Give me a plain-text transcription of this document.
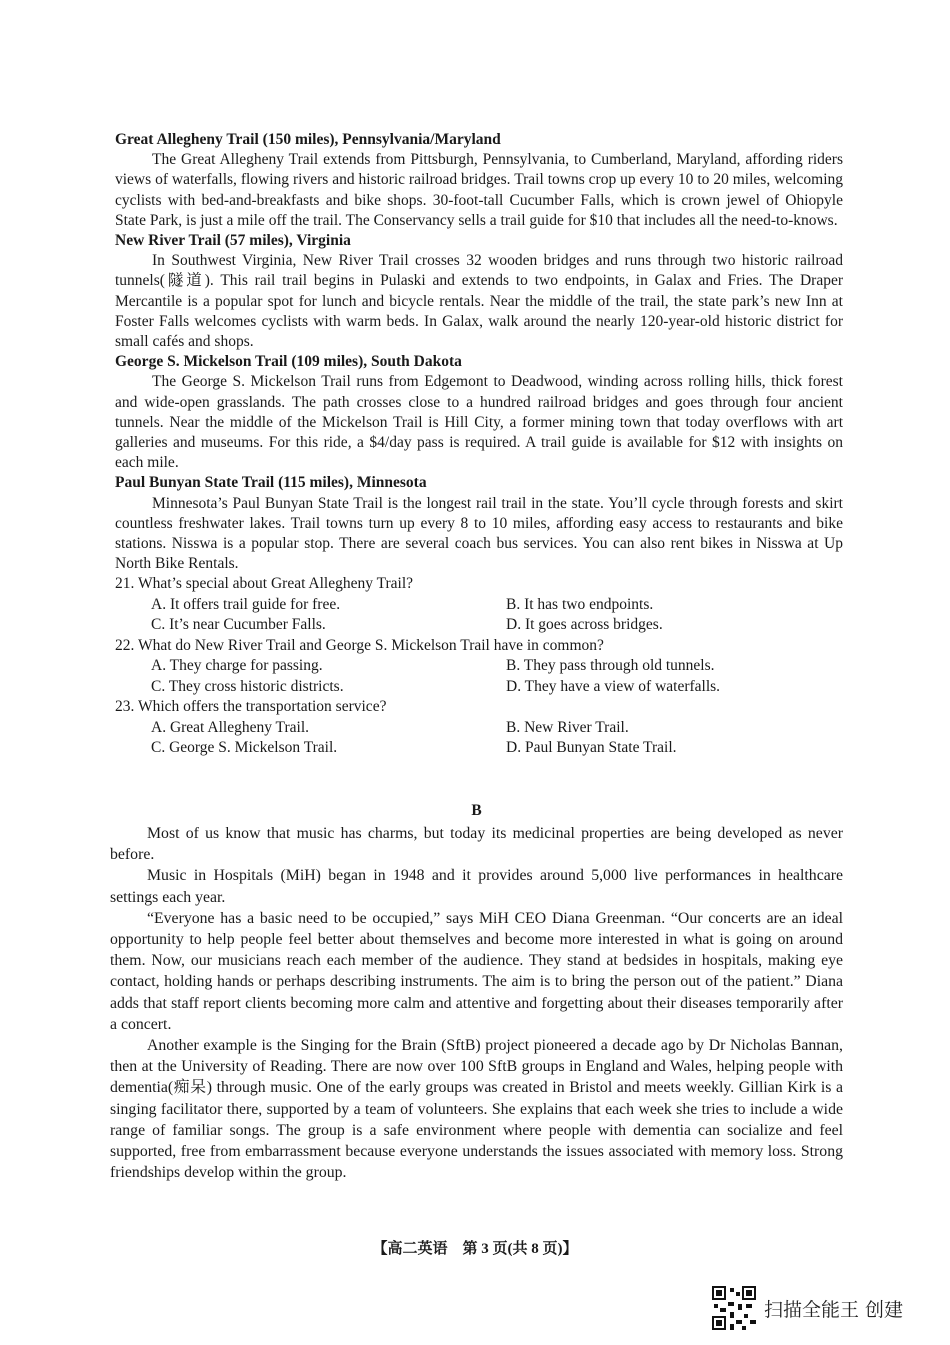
Great Allegheny Trail (150 miles), Pennsylvania/Maryland

The Great Allegheny Trail extends from Pittsburgh, Pennsylvania, to Cumberland, Maryland, affording riders views of waterfalls, flowing rivers and historic railroad bridges. Trail towns crop up every 10 to 20 miles, welcoming cyclists with bed-and-breakfasts and bike shops. 30-foot-tall Cucumber Falls, which is crown jewel of Ohiopyle State Park, is just a mile off the trail. The Conservancy sells a trail guide for $10 that includes all the need-to-knows.

New River Trail (57 miles), Virginia

In Southwest Virginia, New River Trail crosses 32 wooden bridges and runs through two historic railroad tunnels(隧道). This rail trail begins in Pulaski and extends to two endpoints, in Galax and Fries. The Draper Mercantile is a popular spot for lunch and bicycle rentals. Near the middle of the trail, the state park’s new Inn at Foster Falls welcomes cyclists with warm beds. In Galax, walk around the nearly 120-year-old historic district for small cafés and shops.

George S. Mickelson Trail (109 miles), South Dakota

The George S. Mickelson Trail runs from Edgemont to Deadwood, winding across rolling hills, thick forest and wide-open grasslands. The path crosses close to a hundred railroad bridges and goes through four ancient tunnels. Near the middle of the Mickelson Trail is Hill City, a former mining town that today overflows with art galleries and museums. For this ride, a $4/day pass is required. A trail guide is available for $12 with insights on each mile.

Paul Bunyan State Trail (115 miles), Minnesota

Minnesota’s Paul Bunyan State Trail is the longest rail trail in the state. You’ll cycle through forests and skirt countless freshwater lakes. Trail towns turn up every 8 to 10 miles, affording easy access to restaurants and bike stations. Nisswa is a popular stop. There are several coach bus services. You can also rent bikes in Nisswa at Up North Bike Rentals.

21. What’s special about Great Allegheny Trail?

A. It offers trail guide for free.	B. It has two endpoints.
C. It’s near Cucumber Falls.	D. It goes across bridges.

22. What do New River Trail and George S. Mickelson Trail have in common?

A. They charge for passing.	B. They pass through old tunnels.
C. They cross historic districts.	D. They have a view of waterfalls.

23. Which offers the transportation service?

A. Great Allegheny Trail.	B. New River Trail.
C. George S. Mickelson Trail.	D. Paul Bunyan State Trail.
B

Most of us know that music has charms, but today its medicinal properties are being developed as never before.

Music in Hospitals (MiH) began in 1948 and it provides around 5,000 live performances in healthcare settings each year.

“Everyone has a basic need to be occupied,” says MiH CEO Diana Greenman. “Our concerts are an ideal opportunity to help people feel better about themselves and become more interested in what is going on around them. Now, our musicians reach each member of the audience. They stand at bedsides in hospitals, making eye contact, holding hands or perhaps describing instruments. The aim is to bring the person out of the patient.” Diana adds that staff report clients becoming more calm and attentive and forgetting about their diseases temporarily after a concert.

Another example is the Singing for the Brain (SftB) project pioneered a decade ago by Dr Nicholas Bannan, then at the University of Reading. There are now over 100 SftB groups in England and Wales, helping people with dementia(痴呆) through music. One of the early groups was created in Bristol and meets weekly. Gillian Kirk is a singing facilitator there, supported by a team of volunteers. She explains that each week she tries to include a wide range of familiar songs. The group is a safe environment where people with dementia can socialize and feel supported, free from embarrassment because everyone understands the issues associated with memory loss. Strong friendships develop within the group.

【高二英语　第 3 页(共 8 页)】
扫描全能王 创建
